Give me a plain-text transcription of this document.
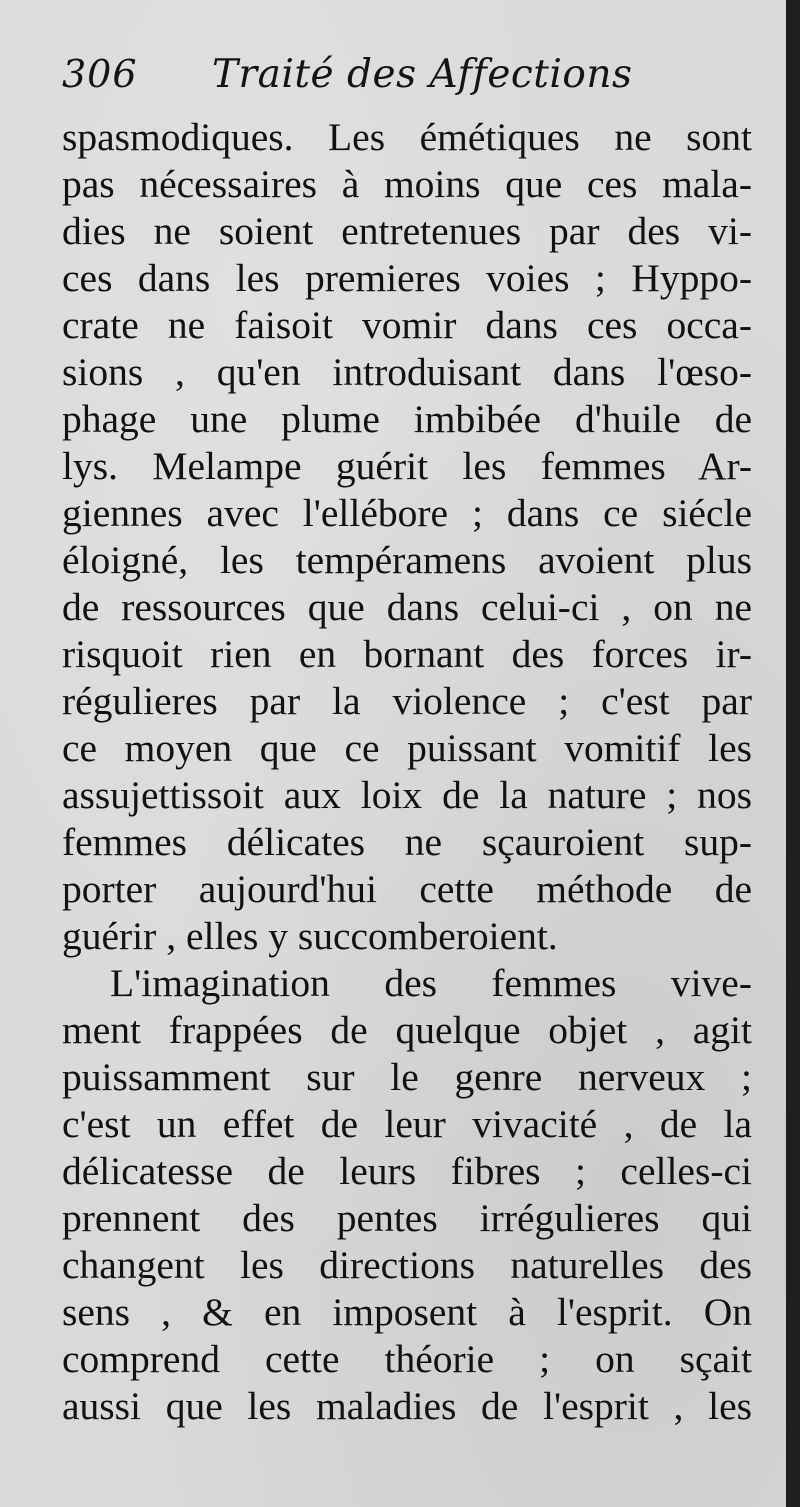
306	Traité des Affections
spasmodiques. Les émétiques ne sont
pas nécessaires à moins que ces mala-
dies ne soient entretenues par des vi-
ces dans les premieres voies ; Hyppo-
crate ne faisoit vomir dans ces occa-
sions , qu'en introduisant dans l'œso-
phage une plume imbibée d'huile de
lys. Melampe guérit les femmes Ar-
giennes avec l'ellébore ; dans ce siécle
éloigné, les tempéramens avoient plus
de ressources que dans celui-ci , on ne
risquoit rien en bornant des forces ir-
régulieres par la violence ; c'est par
ce moyen que ce puissant vomitif les
assujettissoit aux loix de la nature ; nos
femmes délicates ne sçauroient sup-
porter aujourd'hui cette méthode de
guérir , elles y succomberoient.
L'imagination des femmes vive-
ment frappées de quelque objet , agit
puissamment sur le genre nerveux ;
c'est un effet de leur vivacité , de la
délicatesse de leurs fibres ; celles-ci
prennent des pentes irrégulieres qui
changent les directions naturelles des
sens , & en imposent à l'esprit. On
comprend cette théorie ; on sçait
aussi que les maladies de l'esprit , les
